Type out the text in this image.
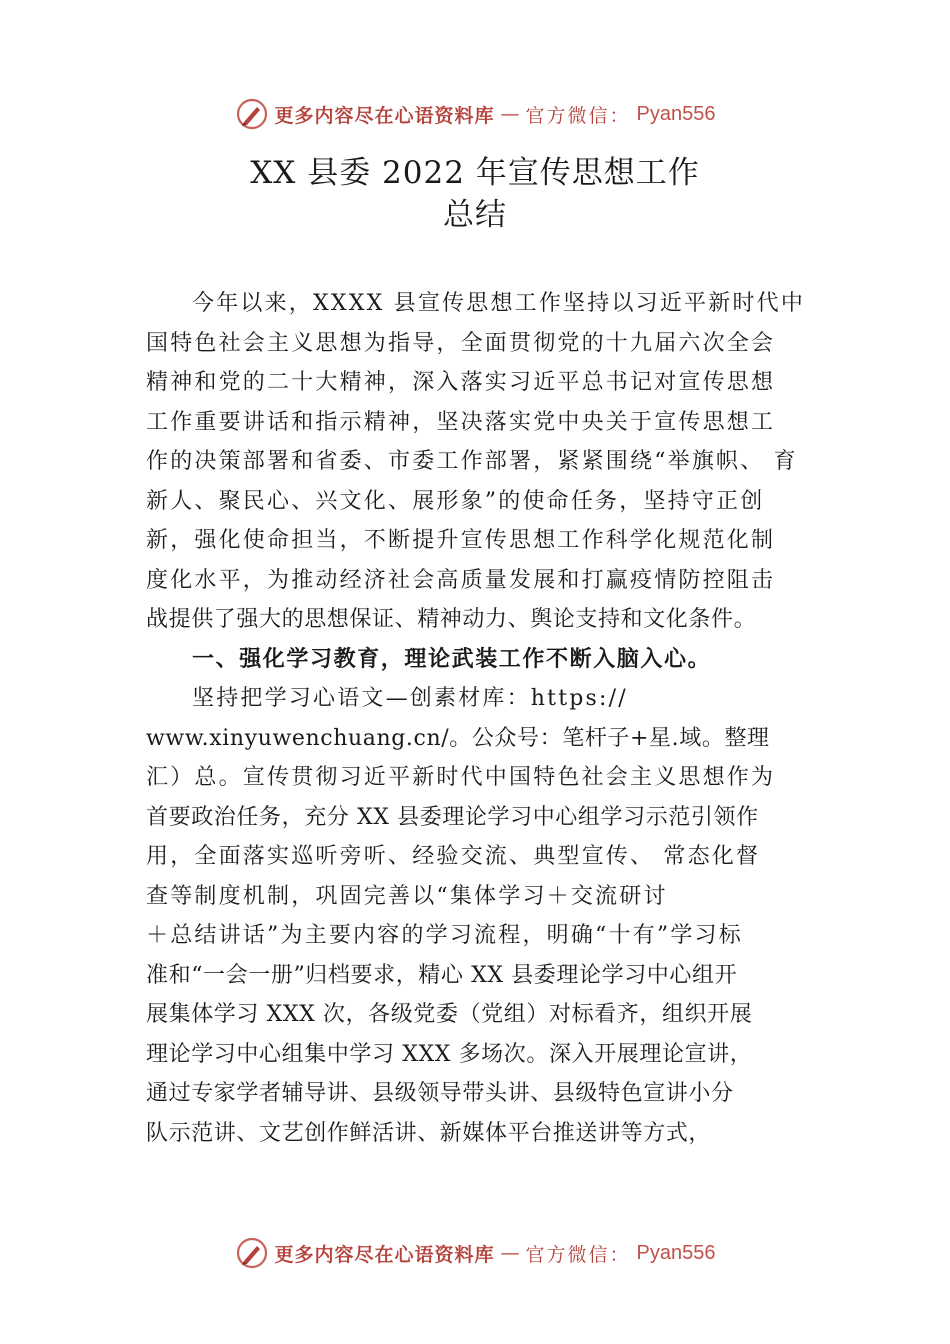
更多内容尽在心语资料库 — 官方微信： Pyan556
XX 县委 2022 年宣传思想工作
总结
今年以来，XXXX 县宣传思想工作坚持以习近平新时代中
国特色社会主义思想为指导，全面贯彻党的十九届六次全会
精神和党的二十大精神，深入落实习近平总书记对宣传思想
工作重要讲话和指示精神，坚决落实党中央关于宣传思想工
作的决策部署和省委、市委工作部署，紧紧围绕“举旗帜、 育
新人、聚民心、兴文化、展形象”的使命任务，坚持守正创
新，强化使命担当，不断提升宣传思想工作科学化规范化制
度化水平，为推动经济社会高质量发展和打赢疫情防控阻击
战提供了强大的思想保证、精神动力、舆论支持和文化条件。
一、强化学习教育，理论武装工作不断入脑入心。
坚持把学习心语文—创素材库：https://
www.xinyuwenchuang.cn/。公众号：笔杆子+星.域。整理
汇）总。宣传贯彻习近平新时代中国特色社会主义思想作为
首要政治任务，充分 XX 县委理论学习中心组学习示范引领作
用，全面落实巡听旁听、经验交流、典型宣传、 常态化督
查等制度机制，巩固完善以“集体学习＋交流研讨
＋总结讲话”为主要内容的学习流程，明确“十有”学习标
准和“一会一册”归档要求，精心 XX 县委理论学习中心组开
展集体学习 XXX 次，各级党委（党组）对标看齐，组织开展
理论学习中心组集中学习 XXX 多场次。深入开展理论宣讲，
通过专家学者辅导讲、县级领导带头讲、县级特色宣讲小分
队示范讲、文艺创作鲜活讲、新媒体平台推送讲等方式，
更多内容尽在心语资料库 — 官方微信： Pyan556
